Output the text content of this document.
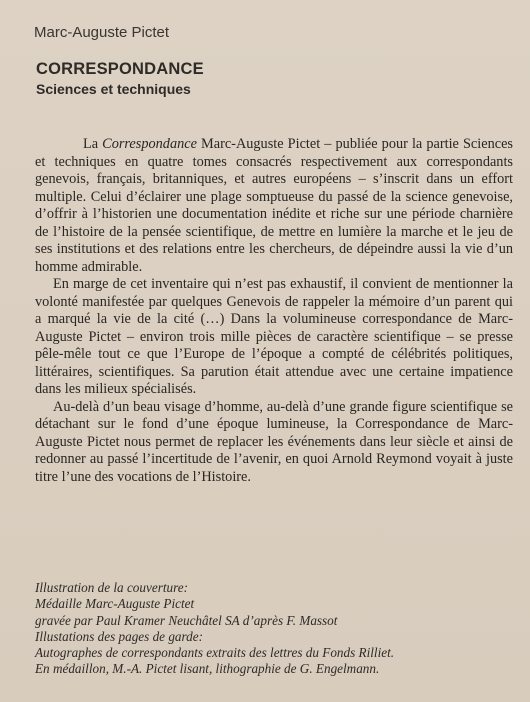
Marc-Auguste Pictet
CORRESPONDANCE
Sciences et techniques

La Correspondance Marc-Auguste Pictet – publiée pour la partie Sciences et techniques en quatre tomes consacrés respectivement aux correspondants genevois, français, britanniques, et autres européens – s’inscrit dans un effort multiple. Celui d’éclairer une plage somptueuse du passé de la science genevoise, d’offrir à l’historien une documentation inédite et riche sur une période charnière de l’histoire de la pensée scientifique, de mettre en lumière la marche et le jeu de ses institutions et des relations entre les chercheurs, de dépeindre aussi la vie d’un homme admirable.

En marge de cet inventaire qui n’est pas exhaustif, il convient de mentionner la volonté manifestée par quelques Genevois de rappeler la mémoire d’un parent qui a marqué la vie de la cité (…) Dans la volumineuse correspondance de Marc-Auguste Pictet – environ trois mille pièces de caractère scientifique – se presse pêle-mêle tout ce que l’Europe de l’époque a compté de célébrités politiques, littéraires, scientifiques. Sa parution était attendue avec une certaine impatience dans les milieux spécialisés.

Au-delà d’un beau visage d’homme, au-delà d’une grande figure scientifique se détachant sur le fond d’une époque lumineuse, la Correspondance de Marc-Auguste Pictet nous permet de replacer les événements dans leur siècle et ainsi de redonner au passé l’incertitude de l’avenir, en quoi Arnold Reymond voyait à juste titre l’une des vocations de l’Histoire.

Illustration de la couverture:
Médaille Marc-Auguste Pictet
gravée par Paul Kramer Neuchâtel SA d’après F. Massot
Illustations des pages de garde:
Autographes de correspondants extraits des lettres du Fonds Rilliet.
En médaillon, M.-A. Pictet lisant, lithographie de G. Engelmann.
